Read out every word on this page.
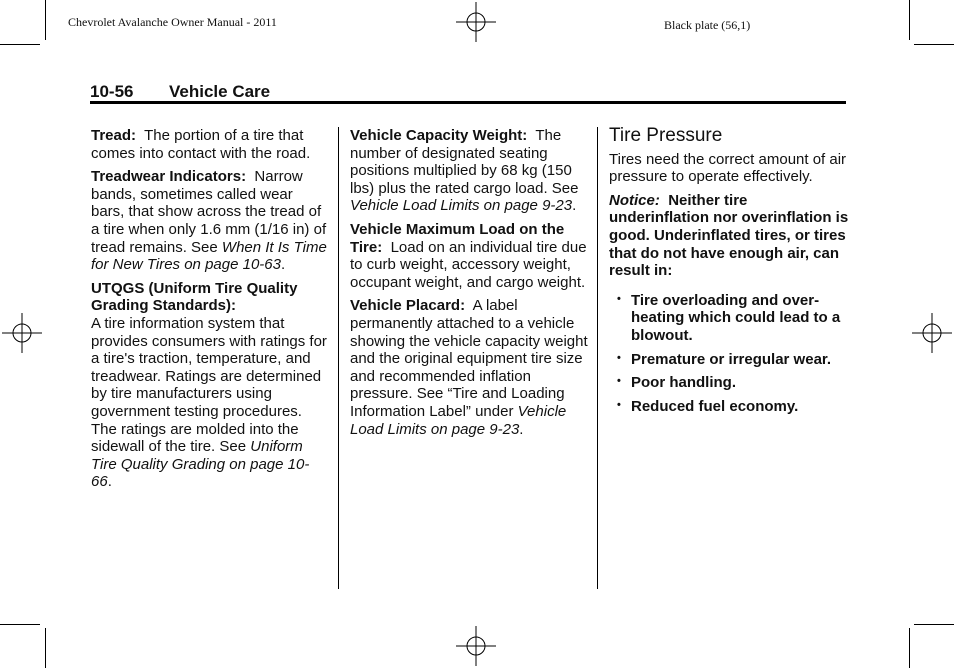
Chevrolet Avalanche Owner Manual - 2011	Black plate (56,1)
10-56 Vehicle Care

Tread: The portion of a tire that comes into contact with the road.

Treadwear Indicators: Narrow bands, sometimes called wear bars, that show across the tread of a tire when only 1.6 mm (1/16 in) of tread remains. See When It Is Time for New Tires on page 10-63.

UTQGS (Uniform Tire Quality Grading Standards):
A tire information system that provides consumers with ratings for a tire's traction, temperature, and treadwear. Ratings are determined by tire manufacturers using government testing procedures. The ratings are molded into the sidewall of the tire. See Uniform Tire Quality Grading on page 10-66.

Vehicle Capacity Weight: The number of designated seating positions multiplied by 68 kg (150 lbs) plus the rated cargo load. See Vehicle Load Limits on page 9-23.

Vehicle Maximum Load on the Tire: Load on an individual tire due to curb weight, accessory weight, occupant weight, and cargo weight.

Vehicle Placard: A label permanently attached to a vehicle showing the vehicle capacity weight and the original equipment tire size and recommended inflation pressure. See “Tire and Loading Information Label” under Vehicle Load Limits on page 9-23.

Tire Pressure

Tires need the correct amount of air pressure to operate effectively.

Notice: Neither tire underinflation nor overinflation is good. Underinflated tires, or tires that do not have enough air, can result in:

• Tire overloading and over-heating which could lead to a blowout.
• Premature or irregular wear.
• Poor handling.
• Reduced fuel economy.
